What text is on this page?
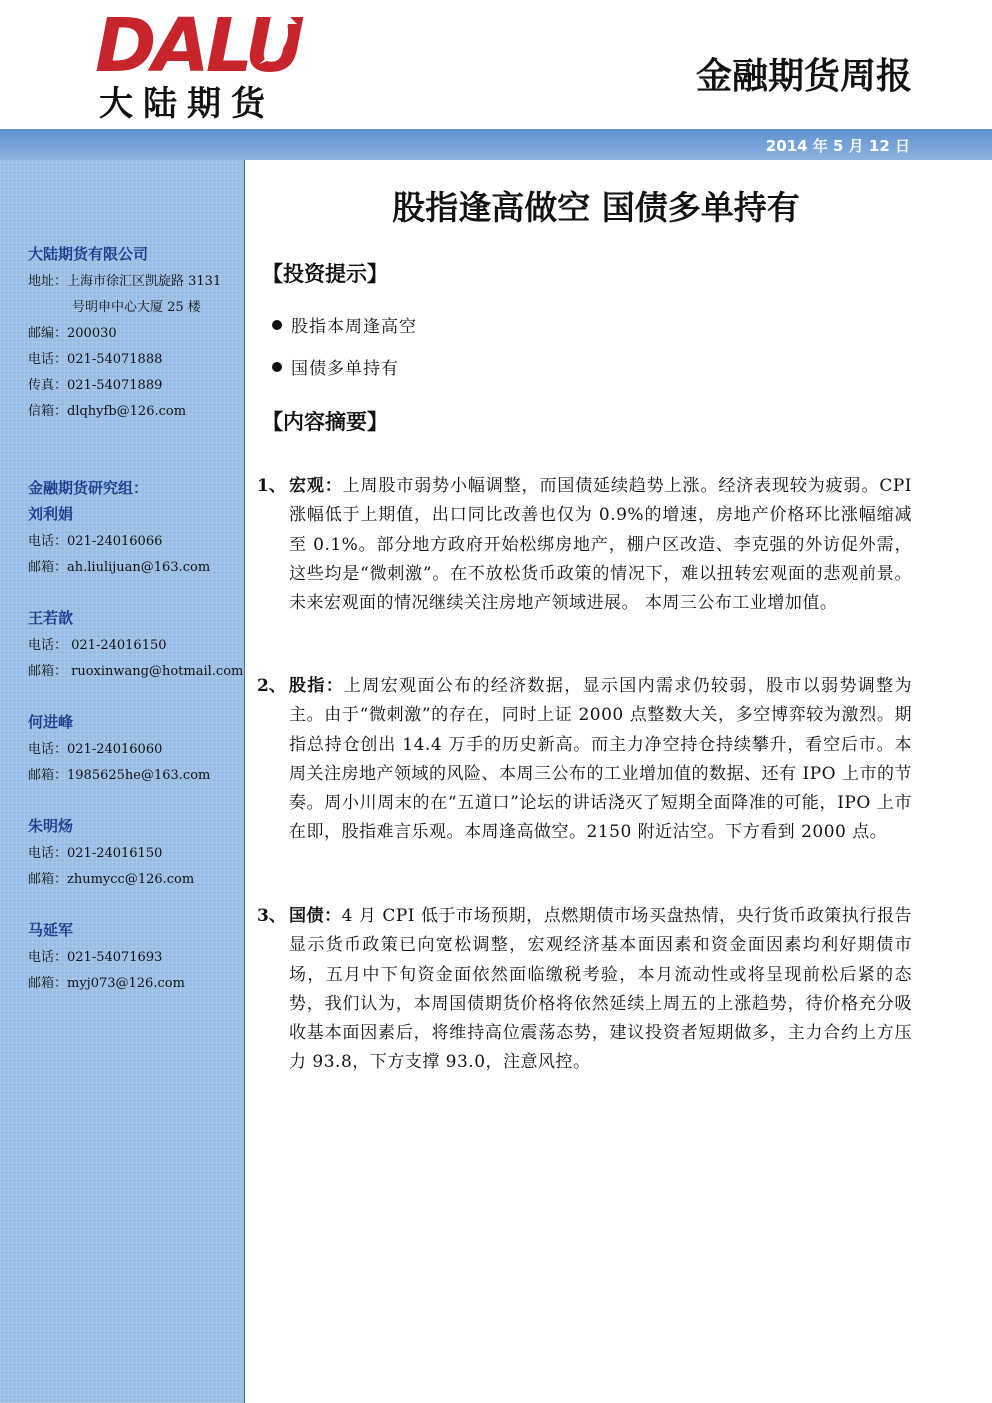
DALU
大陆期货
金融期货周报
2014 年 5 月 12 日
大陆期货有限公司
地址：上海市徐汇区凯旋路 3131
号明申中心大厦 25 楼
邮编：200030
电话：021-54071888
传真：021-54071889
信箱：dlqhyfb@126.com
金融期货研究组：
刘利娟
电话：021-24016066
邮箱：ah.liulijuan@163.com
王若歆
电话： 021-24016150
邮箱： ruoxinwang@hotmail.com
何进峰
电话：021-24016060
邮箱：1985625he@163.com
朱明炀
电话：021-24016150
邮箱：zhumycc@126.com
马延军
电话：021-54071693
邮箱：myj073@126.com
股指逢高做空 国债多单持有
【投资提示】
股指本周逢高空
国债多单持有
【内容摘要】
1、 宏观：上周股市弱势小幅调整，而国债延续趋势上涨。经济表现较为疲弱。CPI 涨幅低于上期值，出口同比改善也仅为 0.9%的增速，房地产价格环比涨幅缩减至 0.1%。部分地方政府开始松绑房地产，棚户区改造、李克强的外访促外需，这些均是“微刺激”。在不放松货币政策的情况下，难以扭转宏观面的悲观前景。未来宏观面的情况继续关注房地产领域进展。 本周三公布工业增加值。
2、 股指：上周宏观面公布的经济数据，显示国内需求仍较弱，股市以弱势调整为主。由于“微刺激”的存在，同时上证 2000 点整数大关，多空博弈较为激烈。期指总持仓创出 14.4 万手的历史新高。而主力净空持仓持续攀升，看空后市。本周关注房地产领域的风险、本周三公布的工业增加值的数据、还有 IPO 上市的节奏。周小川周末的在“五道口”论坛的讲话浇灭了短期全面降准的可能，IPO 上市在即，股指难言乐观。本周逢高做空。2150 附近沽空。下方看到 2000 点。
3、 国债：4 月 CPI 低于市场预期，点燃期债市场买盘热情，央行货币政策执行报告显示货币政策已向宽松调整，宏观经济基本面因素和资金面因素均利好期债市场，五月中下旬资金面依然面临缴税考验，本月流动性或将呈现前松后紧的态势，我们认为，本周国债期货价格将依然延续上周五的上涨趋势，待价格充分吸收基本面因素后，将维持高位震荡态势，建议投资者短期做多，主力合约上方压力 93.8，下方支撑 93.0，注意风控。
